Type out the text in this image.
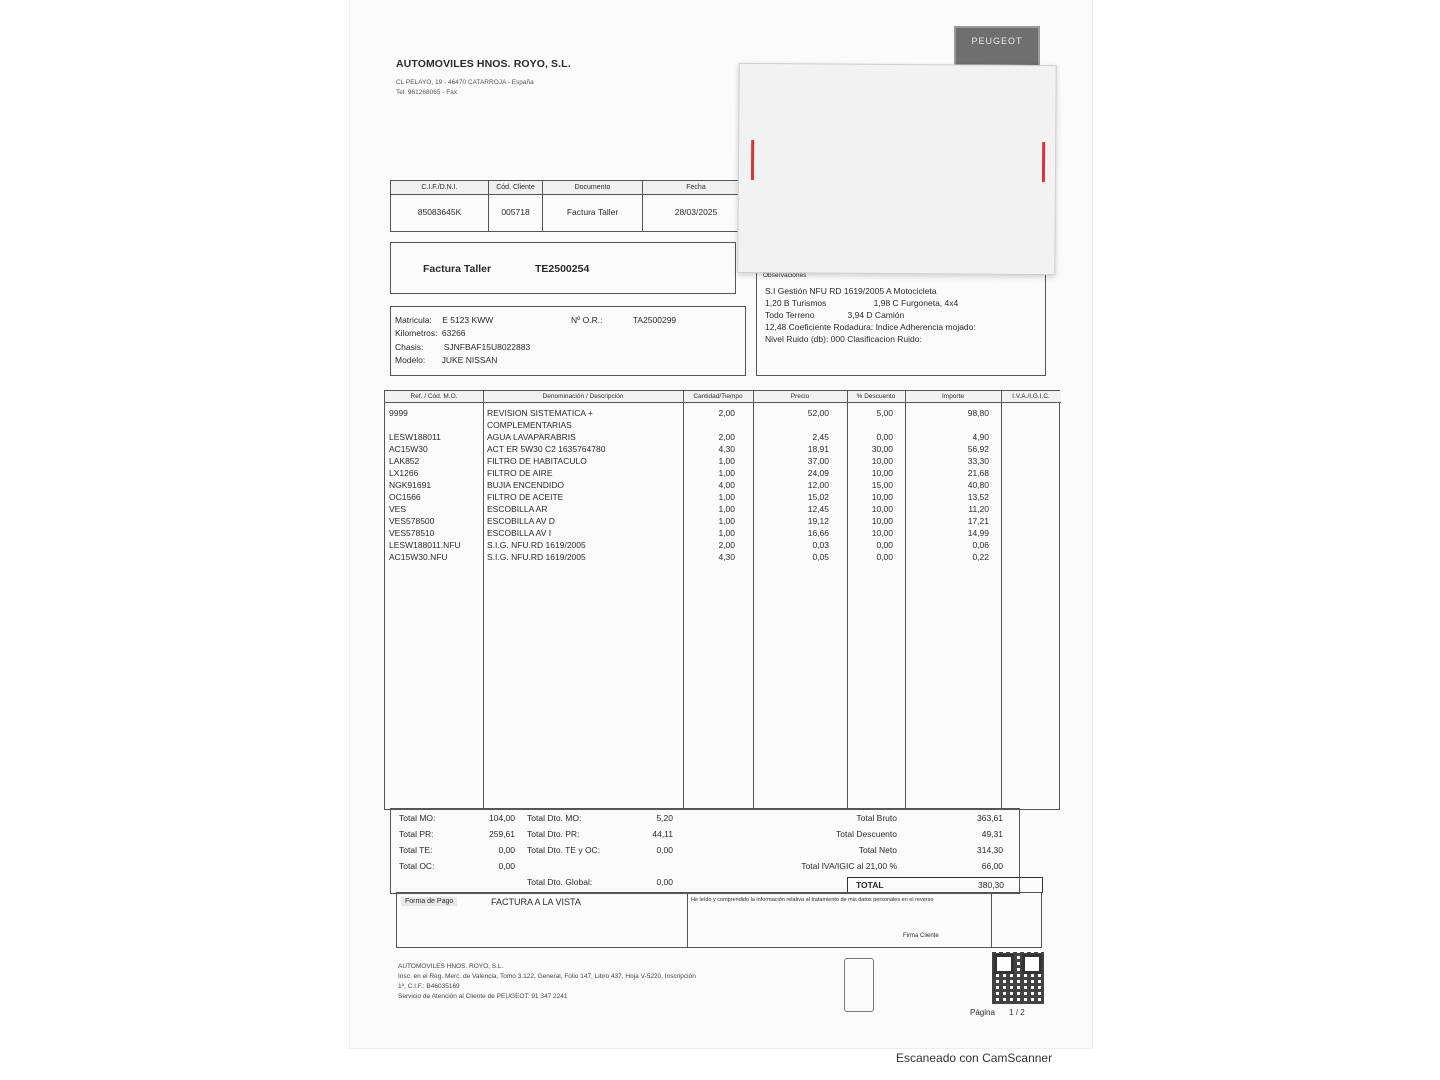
AUTOMOVILES HNOS. ROYO, S.L.
CL PELAYO, 19 - 46470 CATARROJA - España
Tel. 961268065 - Fax
PEUGEOT
C.I.F./D.N.I.
85083645K
Cód. Cliente
005718
Documento
Factura Taller
Fecha
28/03/2025
Factura Taller	TE2500254
Observaciones
S.I Gestión NFU RD 1619/2005 A Motocicleta
1,20 B Turismos                    1,98 C Furgoneta, 4x4
Todo Terreno              3,94 D Camión
12,48 Coeficiente Rodadura: Indice Adherencia mojado:
Nivel Ruido (db): 000 Clasificacion Ruido:
Matricula: E 5123 KWW	Nº O.R.:	TA2500299
Kilometros: 63266
Chasis: SJNFBAF15U8022883
Modelo: JUKE NISSAN
Ref. / Cód. M.O.	Denominación / Descripción	Cantidad/Tiempo	Precio	% Descuento	Importe	I.V.A./I.G.I.C.
9999	REVISION SISTEMATICA +	2,00	52,00	5,00	98,80
COMPLEMENTARIAS
LESW188011	AGUA LAVAPARABRIS	2,00	2,45	0,00	4,90
AC15W30	ACT ER 5W30 C2 1635764780	4,30	18,91	30,00	56,92
LAK852	FILTRO DE HABITACULO	1,00	37,00	10,00	33,30
LX1266	FILTRO DE AIRE	1,00	24,09	10,00	21,68
NGK91691	BUJIA ENCENDIDO	4,00	12,00	15,00	40,80
OC1566	FILTRO DE ACEITE	1,00	15,02	10,00	13,52
VES	ESCOBILLA AR	1,00	12,45	10,00	11,20
VES578500	ESCOBILLA AV D	1,00	19,12	10,00	17,21
VES578510	ESCOBILLA AV I	1,00	16,66	10,00	14,99
LESW188011.NFU	S.I.G. NFU.RD 1619/2005	2,00	0,03	0,00	0,06
AC15W30.NFU	S.I.G. NFU.RD 1619/2005	4,30	0,05	0,00	0,22
Total MO:	104,00
Total PR:	259,61
Total TE:	0,00
Total OC:	0,00
Total Dto. MO:	5,20
Total Dto. PR:	44,11
Total Dto. TE y OC:	0,00
Total Dto. Global:	0,00
Total Bruto	363,61
Total Descuento	49,31
Total Neto	314,30
Total IVA/IGIC al 21,00 %	66,00
TOTAL	380,30
Forma de Pago	FACTURA A LA VISTA	He leído y comprendido la información relativa al tratamiento de mis datos personales en el reverso
Firma Cliente
AUTOMOVILES HNOS. ROYO, S.L.
Insc. en el Reg. Merc. de Valencia, Tomo 3.122, General, Folio 147, Libro 437, Hoja V-5220, Inscripción
1ª, C.I.F.: B46035169
Servicio de Atención al Cliente de PEUGEOT: 91 347 2241
Página 1 / 2
Escaneado con CamScanner
